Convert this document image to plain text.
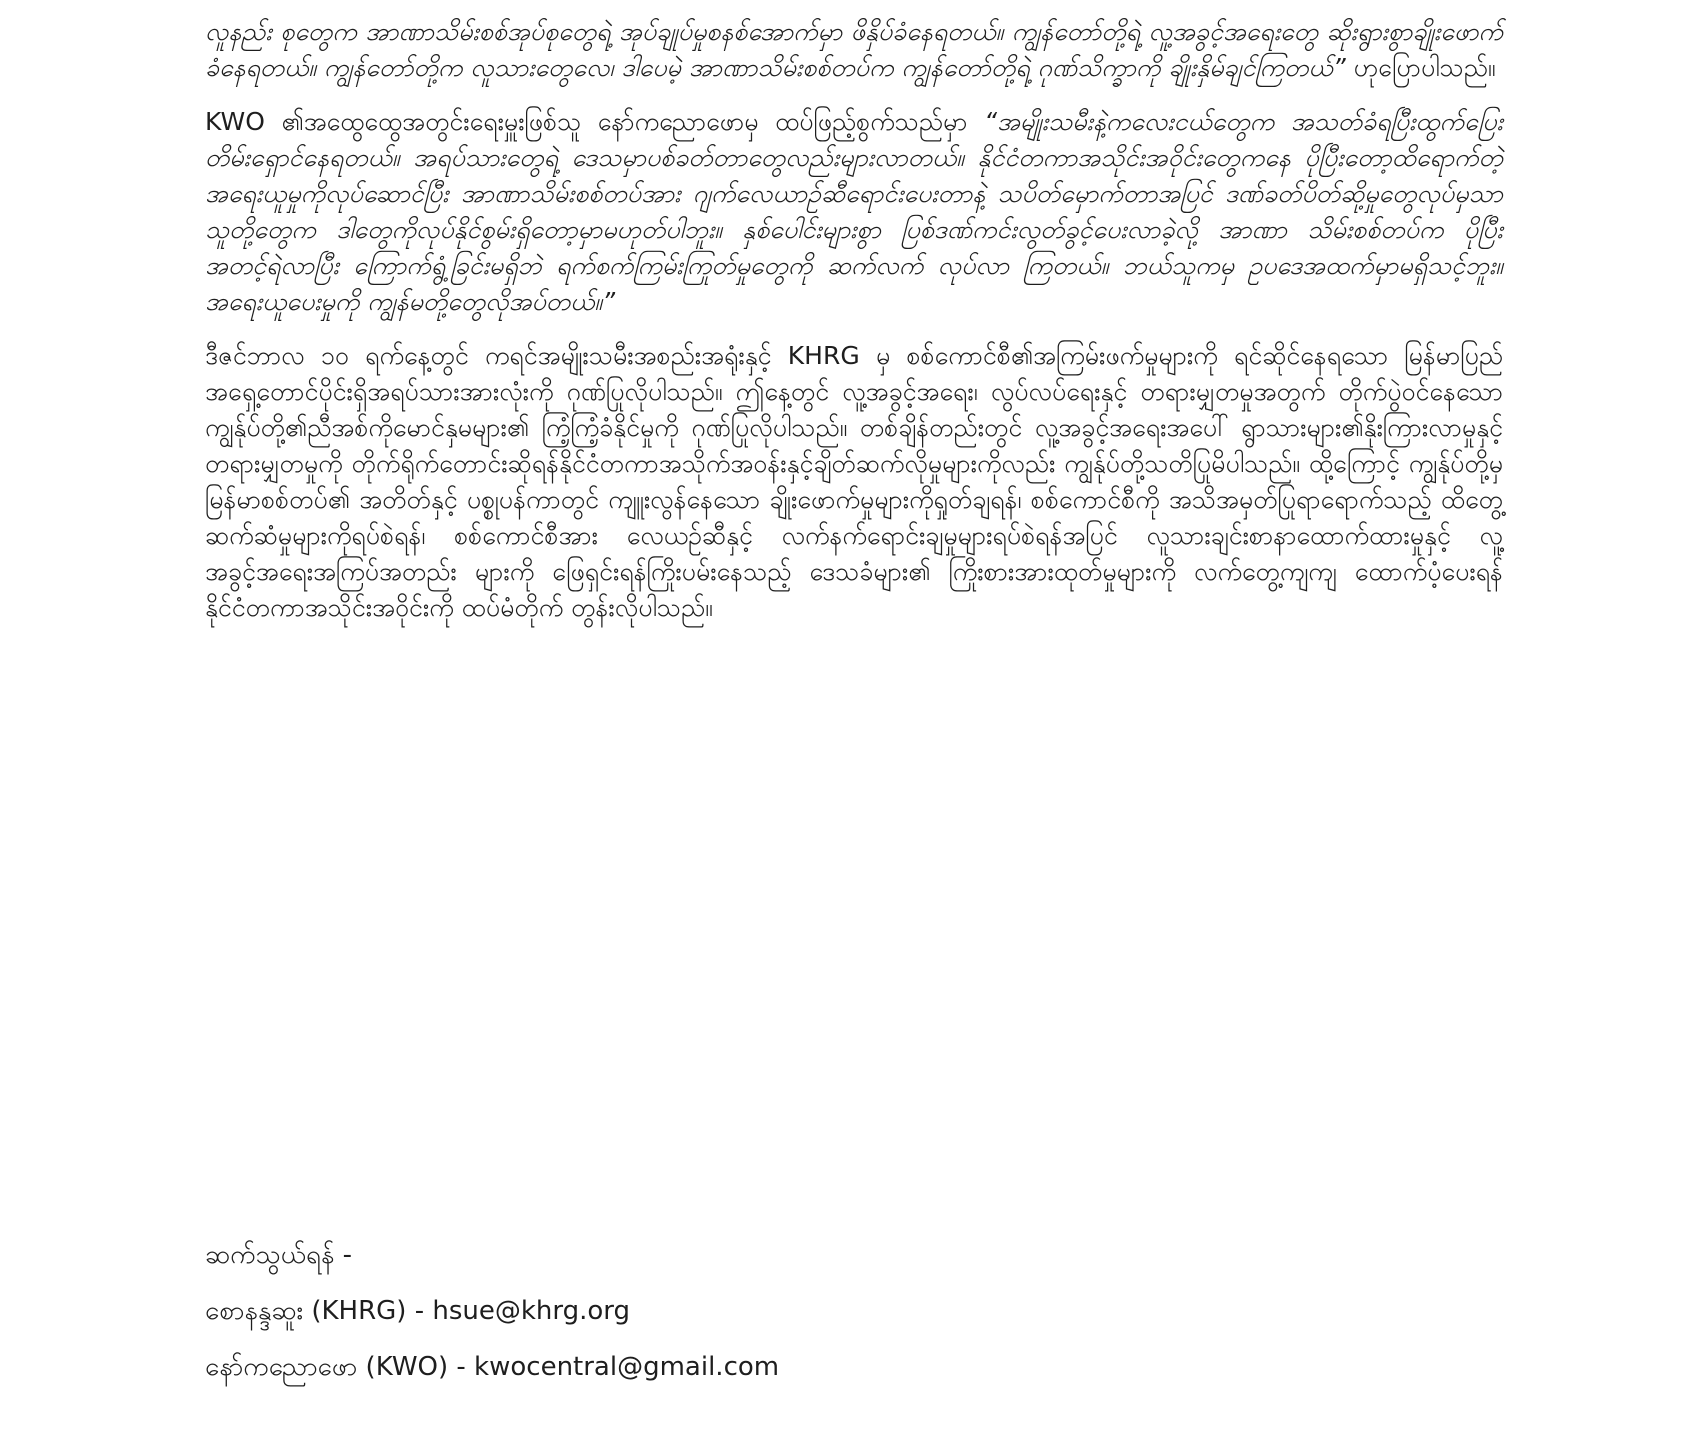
လူနည်း စုတွေက အာဏာသိမ်းစစ်အုပ်စုတွေရဲ့ အုပ်ချုပ်မှုစနစ်အောက်မှာ ဖိနှိပ်ခံနေရတယ်။ ကျွန်တော်တို့ရဲ့ လူ့အခွင့်အရေးတွေ ဆိုးရွားစွာချိုးဖောက်ခံနေရတယ်။ ကျွန်တော်တို့က လူသားတွေလေ၊ ဒါပေမဲ့ အာဏာသိမ်းစစ်တပ်က ကျွန်တော်တို့ရဲ့ ဂုဏ်သိက္ခာကို ချိုးနှိမ်ချင်ကြတယ်” ဟုပြောပါသည်။

KWO ၏အထွေထွေအတွင်းရေးမှူးဖြစ်သူ နော်ကညောဖောမှ ထပ်ဖြည့်စွက်သည်မှာ “အမျိုးသမီးနဲ့ကလေးငယ်တွေက အသတ်ခံရပြီးထွက်ပြေးတိမ်းရှောင်နေရတယ်။ အရပ်သားတွေရဲ့ ဒေသမှာပစ်ခတ်တာတွေလည်းများလာတယ်။ နိုင်ငံတကာအသိုင်းအဝိုင်းတွေကနေ ပိုပြီးတော့ထိရောက်တဲ့အရေးယူမှုကိုလုပ်ဆောင်ပြီး အာဏာသိမ်းစစ်တပ်အား ဂျက်လေယာဥ်ဆီရောင်းပေးတာနဲ့ သပိတ်မှောက်တာအပြင် ဒဏ်ခတ်ပိတ်ဆို့မှုတွေလုပ်မှသာ သူတို့တွေက ဒါတွေကိုလုပ်နိုင်စွမ်းရှိတော့မှာမဟုတ်ပါဘူး။ နှစ်ပေါင်းများစွာ ပြစ်ဒဏ်ကင်းလွတ်ခွင့်ပေးလာခဲ့လို့ အာဏာ သိမ်းစစ်တပ်က ပိုပြီးအတင့်ရဲလာပြီး ကြောက်ရွံ့ခြင်းမရှိဘဲ ရက်စက်ကြမ်းကြုတ်မှုတွေကို ဆက်လက် လုပ်လာ ကြတယ်။ ဘယ်သူကမှ ဥပဒေအထက်မှာမရှိသင့်ဘူး။ အရေးယူပေးမှုကို ကျွန်မတို့တွေလိုအပ်တယ်။”

ဒီဇင်ဘာလ ၁၀ ရက်နေ့တွင် ကရင်အမျိုးသမီးအစည်းအရုံးနှင့် KHRG မှ စစ်ကောင်စီ၏အကြမ်းဖက်မှုများကို ရင်ဆိုင်နေရသော မြန်မာပြည်အရှေ့တောင်ပိုင်းရှိအရပ်သားအားလုံးကို ဂုဏ်ပြုလိုပါသည်။ ဤနေ့တွင် လူ့အခွင့်အရေး၊ လွပ်လပ်ရေးနှင့် တရားမျှတမှုအတွက် တိုက်ပွဲဝင်နေသော ကျွန်ုပ်တို့၏ညီအစ်ကိုမောင်နှမများ၏ ကြံ့ကြံ့ခံနိုင်မှုကို ဂုဏ်ပြုလိုပါသည်။ တစ်ချိန်တည်းတွင် လူ့အခွင့်အရေးအပေါ် ရွာသားများ၏နိုးကြားလာမှုနှင့် တရားမျှတမှုကို တိုက်ရိုက်တောင်းဆိုရန်နိုင်ငံတကာအသိုက်အဝန်းနှင့်ချိတ်ဆက်လိုမှုများကိုလည်း ကျွန်ုပ်တို့သတိပြုမိပါသည်။ ထို့ကြောင့် ကျွန်ုပ်တို့မှ မြန်မာစစ်တပ်၏ အတိတ်နှင့် ပစ္စုပန်ကာတွင် ကျူးလွန်နေသော ချိုးဖောက်မှုများကိုရှုတ်ချရန်၊ စစ်ကောင်စီကို အသိအမှတ်ပြုရာရောက်သည့် ထိတွေ့ဆက်ဆံမှုများကိုရပ်စဲရန်၊ စစ်ကောင်စီအား လေယဉ်ဆီနှင့် လက်နက်ရောင်းချမှုများရပ်စဲရန်အပြင် လူသားချင်းစာနာထောက်ထားမှုနှင့် လူ့အခွင့်အရေးအကြပ်အတည်း များကို ဖြေရှင်းရန်ကြိုးပမ်းနေသည့် ဒေသခံများ၏ ကြိုးစားအားထုတ်မှုများကို လက်တွေ့ကျကျ ထောက်ပံ့ပေးရန် နိုင်ငံတကာအသိုင်းအဝိုင်းကို ထပ်မံတိုက် တွန်းလိုပါသည်။

ဆက်သွယ်ရန် -

စောနန္ဒဆူး (KHRG) - hsue@khrg.org

နော်ကညောဖော (KWO) - kwocentral@gmail.com
